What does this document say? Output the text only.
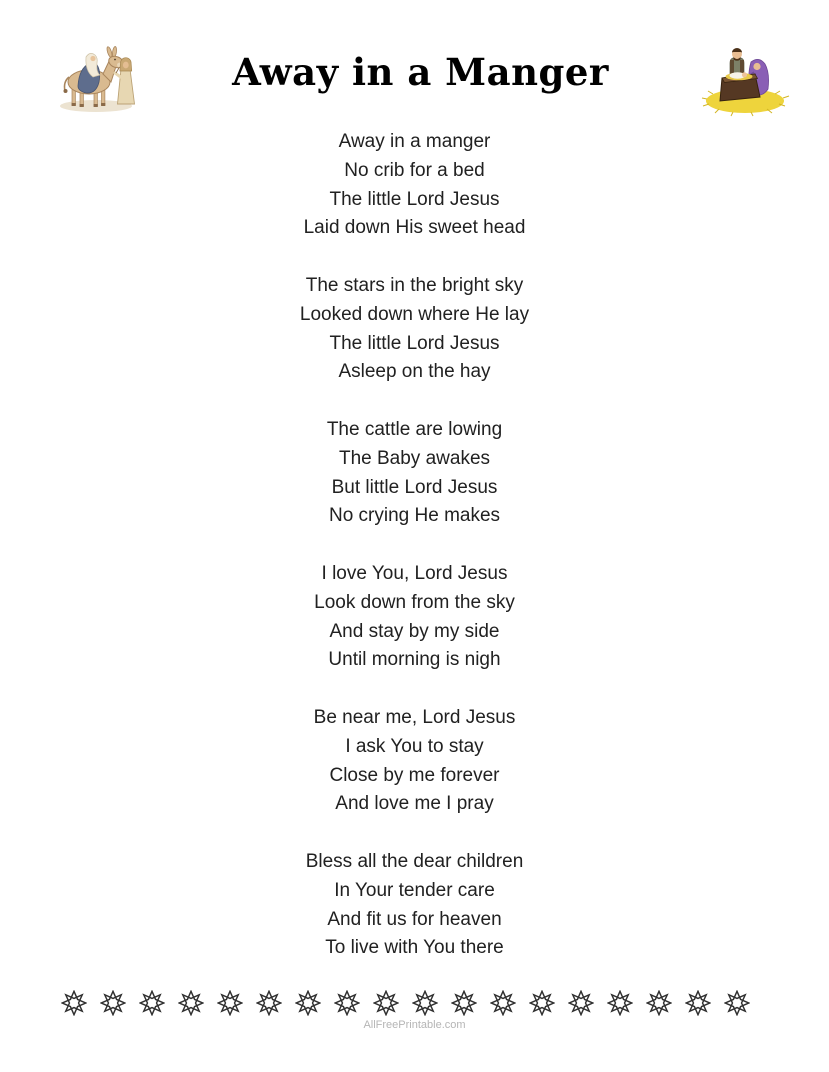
Away in a Manger

Away in a manger

No crib for a bed

The little Lord Jesus

Laid down His sweet head

The stars in the bright sky

Looked down where He lay

The little Lord Jesus

Asleep on the hay

The cattle are lowing

The Baby awakes

But little Lord Jesus

No crying He makes

I love You, Lord Jesus

Look down from the sky

And stay by my side

Until morning is nigh

Be near me, Lord Jesus

I ask You to stay

Close by me forever

And love me I pray

Bless all the dear children

In Your tender care

And fit us for heaven

To live with You there

AllFreePrintable.com
